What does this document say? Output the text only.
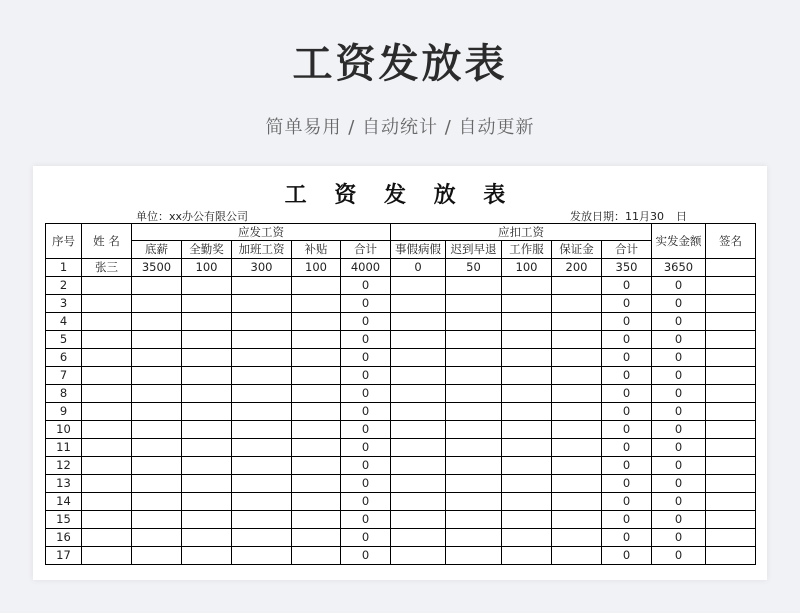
工资发放表
简单易用 / 自动统计 / 自动更新
工 资 发 放 表
单位：xx办公有限公司	发放日期：11月30 日
序号	姓 名	应发工资					应扣工资					实发金额	签名
		底薪	全勤奖	加班工资	补贴	合计	事假病假	迟到早退	工作服	保证金	合计		
1	张三	3500	100	300	100	4000	0	50	100	200	350	3650	
2						0					0	0	
3						0					0	0	
4						0					0	0	
5						0					0	0	
6						0					0	0	
7						0					0	0	
8						0					0	0	
9						0					0	0	
10						0					0	0	
11						0					0	0	
12						0					0	0	
13						0					0	0	
14						0					0	0	
15						0					0	0	
16						0					0	0	
17						0					0	0	
